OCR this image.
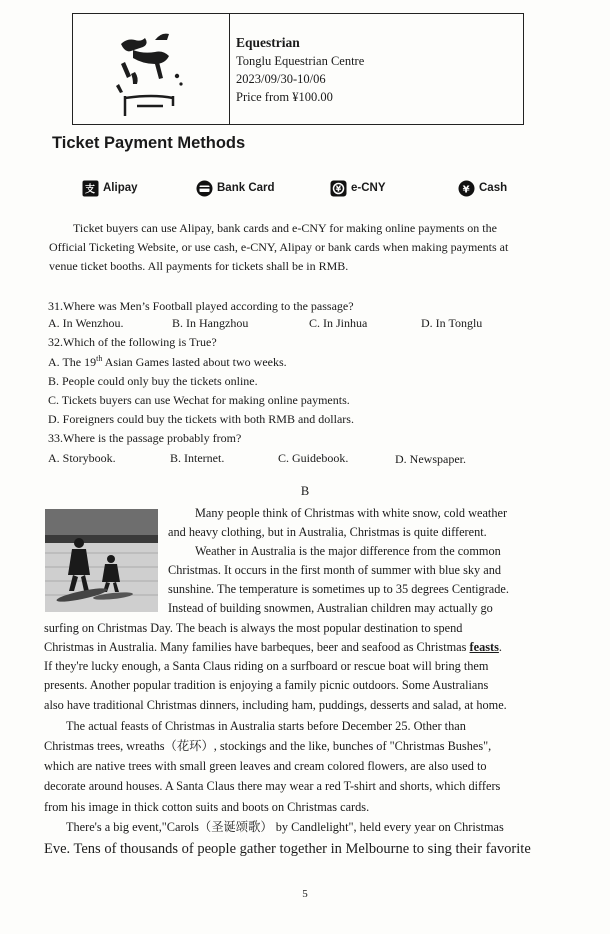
Equestrian
Tonglu Equestrian Centre
2023/09/30-10/06
Price from ¥100.00
Ticket Payment Methods
支 Alipay	Bank Card	¥ e-CNY	¥ Cash
Ticket buyers can use Alipay, bank cards and e-CNY for making online payments on the
Official Ticketing Website, or use cash, e-CNY, Alipay or bank cards when making payments at
venue ticket booths. All payments for tickets shall be in RMB.
31.Where was Men’s Football played according to the passage?
A. In Wenzhou.	B. In Hangzhou	C. In Jinhua	D. In Tonglu
32.Which of the following is True?
A. The 19th Asian Games lasted about two weeks.
B. People could only buy the tickets online.
C. Tickets buyers can use Wechat for making online payments.
D. Foreigners could buy the tickets with both RMB and dollars.
33.Where is the passage probably from?
A. Storybook.	B. Internet.	C. Guidebook.	D. Newspaper.
B
Many people think of Christmas with white snow, cold weather
and heavy clothing, but in Australia, Christmas is quite different.
Weather in Australia is the major difference from the common
Christmas. It occurs in the first month of summer with blue sky and
sunshine. The temperature is sometimes up to 35 degrees Centigrade.
Instead of building snowmen, Australian children may actually go
surfing on Christmas Day. The beach is always the most popular destination to spend
Christmas in Australia. Many families have barbeques, beer and seafood as Christmas feasts.
If they're lucky enough, a Santa Claus riding on a surfboard or rescue boat will bring them
presents. Another popular tradition is enjoying a family picnic outdoors. Some Australians
also have traditional Christmas dinners, including ham, puddings, desserts and salad, at home.
The actual feasts of Christmas in Australia starts before December 25. Other than
Christmas trees, wreaths（花环）, stockings and the like, bunches of "Christmas Bushes",
which are native trees with small green leaves and cream colored flowers, are also used to
decorate around houses. A Santa Claus there may wear a red T-shirt and shorts, which differs
from his image in thick cotton suits and boots on Christmas cards.
There's a big event,"Carols（圣诞颂歌） by Candlelight", held every year on Christmas
Eve. Tens of thousands of people gather together in Melbourne to sing their favorite
5
